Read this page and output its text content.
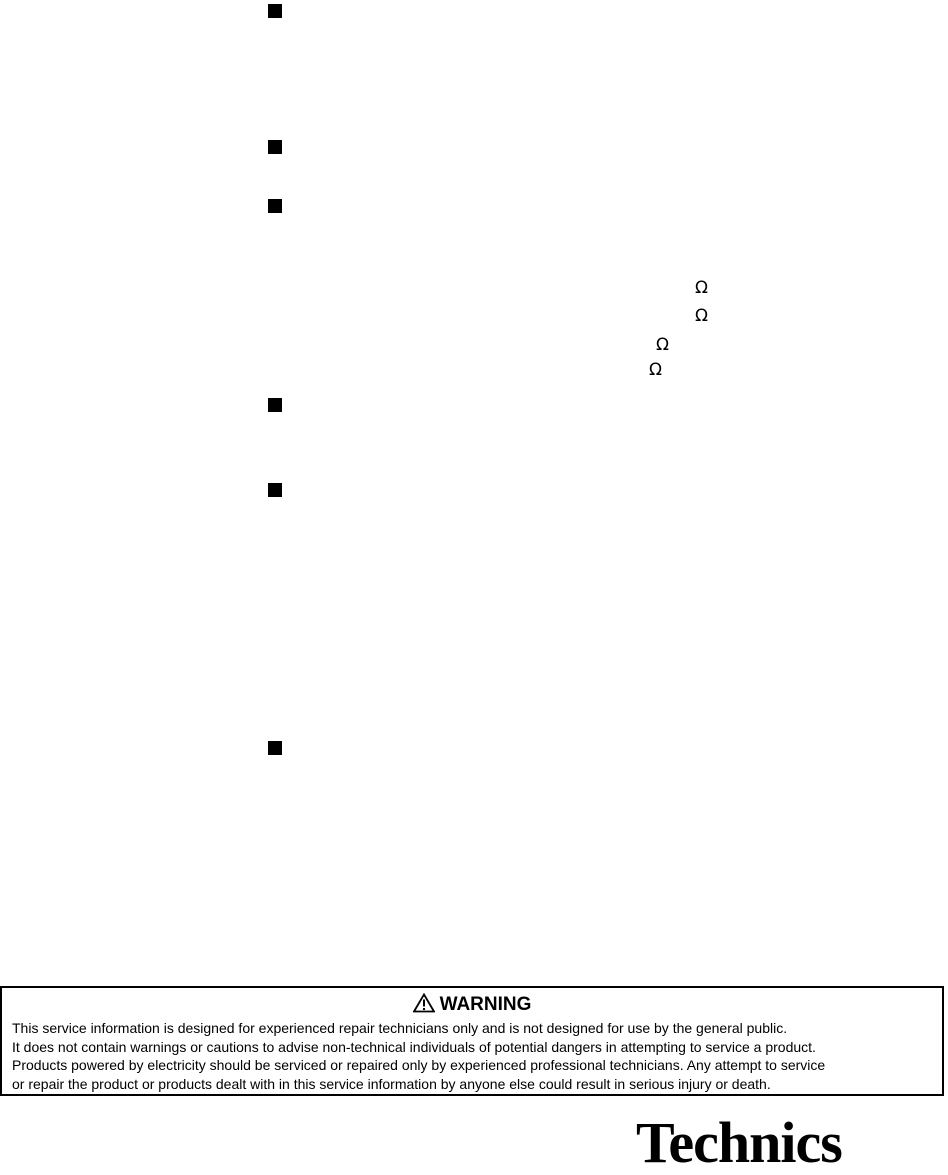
Ω
Ω
Ω
Ω
WARNING
This service information is designed for experienced repair technicians only and is not designed for use by the general public.
It does not contain warnings or cautions to advise non-technical individuals of potential dangers in attempting to service a product.
Products powered by electricity should be serviced or repaired only by experienced professional technicians. Any attempt to service
or repair the product or products dealt with in this service information by anyone else could result in serious injury or death.
Technics
